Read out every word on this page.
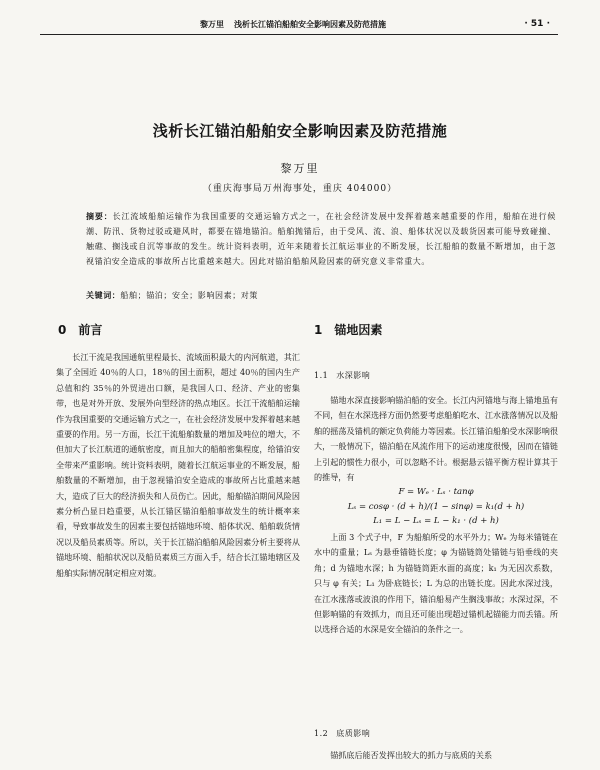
黎万里 浅析长江锚泊船舶安全影响因素及防范措施	· 51 ·
浅析长江锚泊船舶安全影响因素及防范措施
黎万里
（重庆海事局万州海事处，重庆 404000）
摘要：长江流域船舶运输作为我国重要的交通运输方式之一，在社会经济发展中发挥着越来越重要的作用，船舶在进行候潮、防汛、货物过驳或避风时，都要在锚地锚泊。船舶抛锚后，由于受风、流、浪、船体状况以及载货因素可能导致碰撞、触礁、搁浅或自沉等事故的发生。统计资料表明，近年来随着长江航运事业的不断发展，长江船舶的数量不断增加，由于忽视锚泊安全造成的事故所占比重越来越大。因此对锚泊船舶风险因素的研究意义非常重大。
关键词：船舶；锚泊；安全；影响因素；对策
0 前言

长江干流是我国通航里程最长、流域面积最大的内河航道，其汇集了全国近 40％的人口，18％的国土面积，超过 40％的国内生产总值和约 35％的外贸进出口额，是我国人口、经济、产业的密集带，也是对外开放、发展外向型经济的热点地区。长江干流船舶运输作为我国重要的交通运输方式之一，在社会经济发展中发挥着越来越重要的作用。另一方面，长江干流船舶数量的增加及吨位的增大，不但加大了长江航道的通航密度，而且加大的船舶密集程度，给锚泊安全带来严重影响。统计资料表明，随着长江航运事业的不断发展，船舶数量的不断增加，由于忽视锚泊安全造成的事故所占比重越来越大，造成了巨大的经济损失和人员伤亡。因此，船舶锚泊期间风险因素分析凸显日趋重要，从长江锚区锚泊船舶事故发生的统计概率来看，导致事故发生的因素主要包括锚地环境、船体状况、船舶载货情况以及船员素质等。所以，关于长江锚泊船舶风险因素分析主要将从锚地环境、船舶状况以及船员素质三方面入手，结合长江锚地辖区及船舶实际情况制定相应对策。

1 锚地因素
1.1 水深影响

锚地水深直接影响锚泊船的安全。长江内河锚地与海上锚地虽有不同，但在水深选择方面仍然要考虑船舶吃水、江水涨落情况以及船舶的摇荡及锚机的额定负荷能力等因素。长江锚泊船舶受水深影响很大，一般情况下，锚泊船在风流作用下的运动速度很慢，因而在锚链上引起的惯性力很小，可以忽略不计。根据悬云锚平衡方程计算其于的推导，有

F = Wₑ · Lₛ · tanφ
Lₛ = cosφ · (d + h)/(1 − sinφ) = k₁(d + h)
L₁ = L − Lₛ = L − k₁ · (d + h)

上面 3 个式子中，F 为船舶所受的水平外力；Wₑ 为每米锚链在水中的重量；Lₛ 为悬垂锚链长度；φ 为锚链筒处锚链与铅垂线的夹角；d 为锚地水深；h 为锚链筒距水面的高度；k₁ 为无因次系数，只与 φ 有关；L₁ 为卧底链长；L 为总的出链长度。因此水深过浅，在江水涨落或波浪的作用下，锚泊船易产生搁浅事故；水深过深，不但影响锚的有效抓力，而且还可能出现超过锚机起锚能力而丢锚。所以选择合适的水深是安全锚泊的条件之一。

1.2 底质影响

锚抓底后能否发挥出较大的抓力与底质的关系
